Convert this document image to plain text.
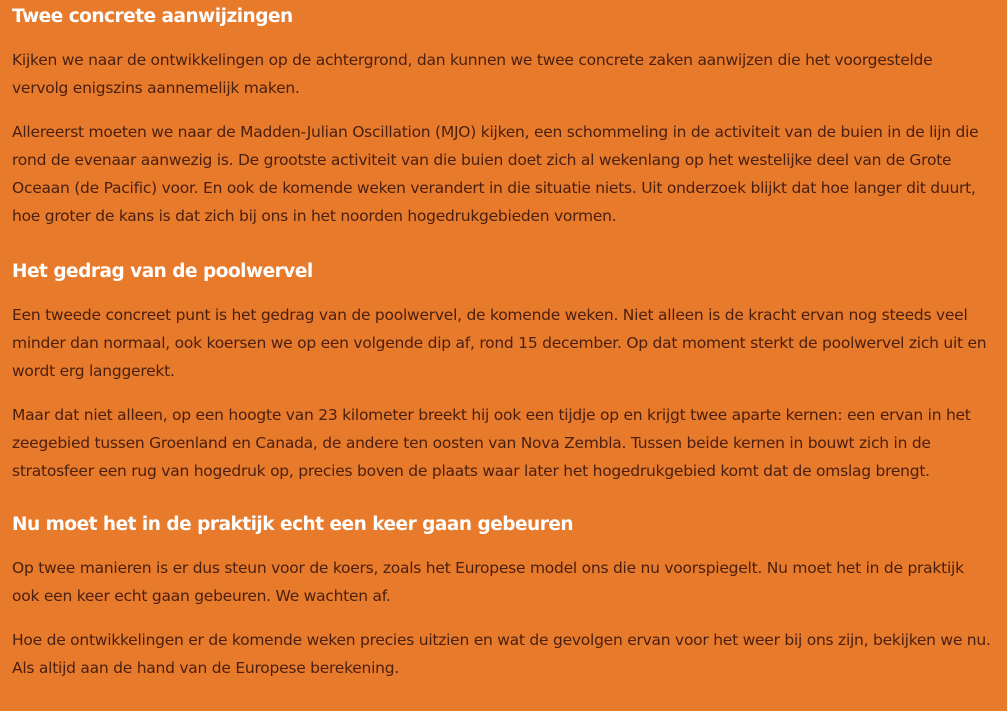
Twee concrete aanwijzingen

Kijken we naar de ontwikkelingen op de achtergrond, dan kunnen we twee concrete zaken aanwijzen die het voorgestelde vervolg enigszins aannemelijk maken.

Allereerst moeten we naar de Madden-Julian Oscillation (MJO) kijken, een schommeling in de activiteit van de buien in de lijn die rond de evenaar aanwezig is. De grootste activiteit van die buien doet zich al wekenlang op het westelijke deel van de Grote Oceaan (de Pacific) voor. En ook de komende weken verandert in die situatie niets. Uit onderzoek blijkt dat hoe langer dit duurt, hoe groter de kans is dat zich bij ons in het noorden hogedrukgebieden vormen.

Het gedrag van de poolwervel

Een tweede concreet punt is het gedrag van de poolwervel, de komende weken. Niet alleen is de kracht ervan nog steeds veel minder dan normaal, ook koersen we op een volgende dip af, rond 15 december. Op dat moment sterkt de poolwervel zich uit en wordt erg langgerekt.

Maar dat niet alleen, op een hoogte van 23 kilometer breekt hij ook een tijdje op en krijgt twee aparte kernen: een ervan in het zeegebied tussen Groenland en Canada, de andere ten oosten van Nova Zembla. Tussen beide kernen in bouwt zich in de stratosfeer een rug van hogedruk op, precies boven de plaats waar later het hogedrukgebied komt dat de omslag brengt.

Nu moet het in de praktijk echt een keer gaan gebeuren

Op twee manieren is er dus steun voor de koers, zoals het Europese model ons die nu voorspiegelt. Nu moet het in de praktijk ook een keer echt gaan gebeuren. We wachten af.

Hoe de ontwikkelingen er de komende weken precies uitzien en wat de gevolgen ervan voor het weer bij ons zijn, bekijken we nu. Als altijd aan de hand van de Europese berekening.
